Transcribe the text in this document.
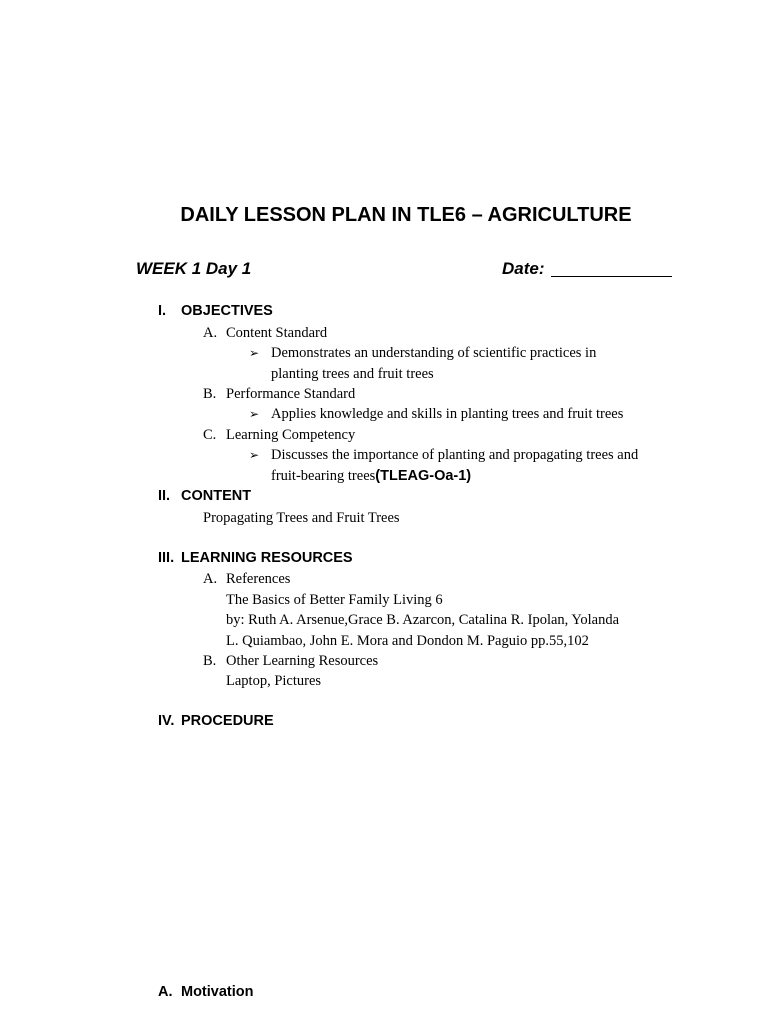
DAILY LESSON PLAN IN TLE6 – AGRICULTURE
WEEK 1 Day 1	Date:
I. OBJECTIVES
A. Content Standard
➢ Demonstrates an understanding of scientific practices in
planting trees and fruit trees
B. Performance Standard
➢ Applies knowledge and skills in planting trees and fruit trees
C. Learning Competency
➢ Discusses the importance of planting and propagating trees and
fruit-bearing trees(TLEAG-Oa-1)
II. CONTENT
Propagating Trees and Fruit Trees
III. LEARNING RESOURCES
A. References
The Basics of Better Family Living 6
by: Ruth A. Arsenue,Grace B. Azarcon, Catalina R. Ipolan, Yolanda
L. Quiambao, John E. Mora and Dondon M. Paguio pp.55,102
B. Other Learning Resources
Laptop, Pictures
IV. PROCEDURE
A. Motivation
